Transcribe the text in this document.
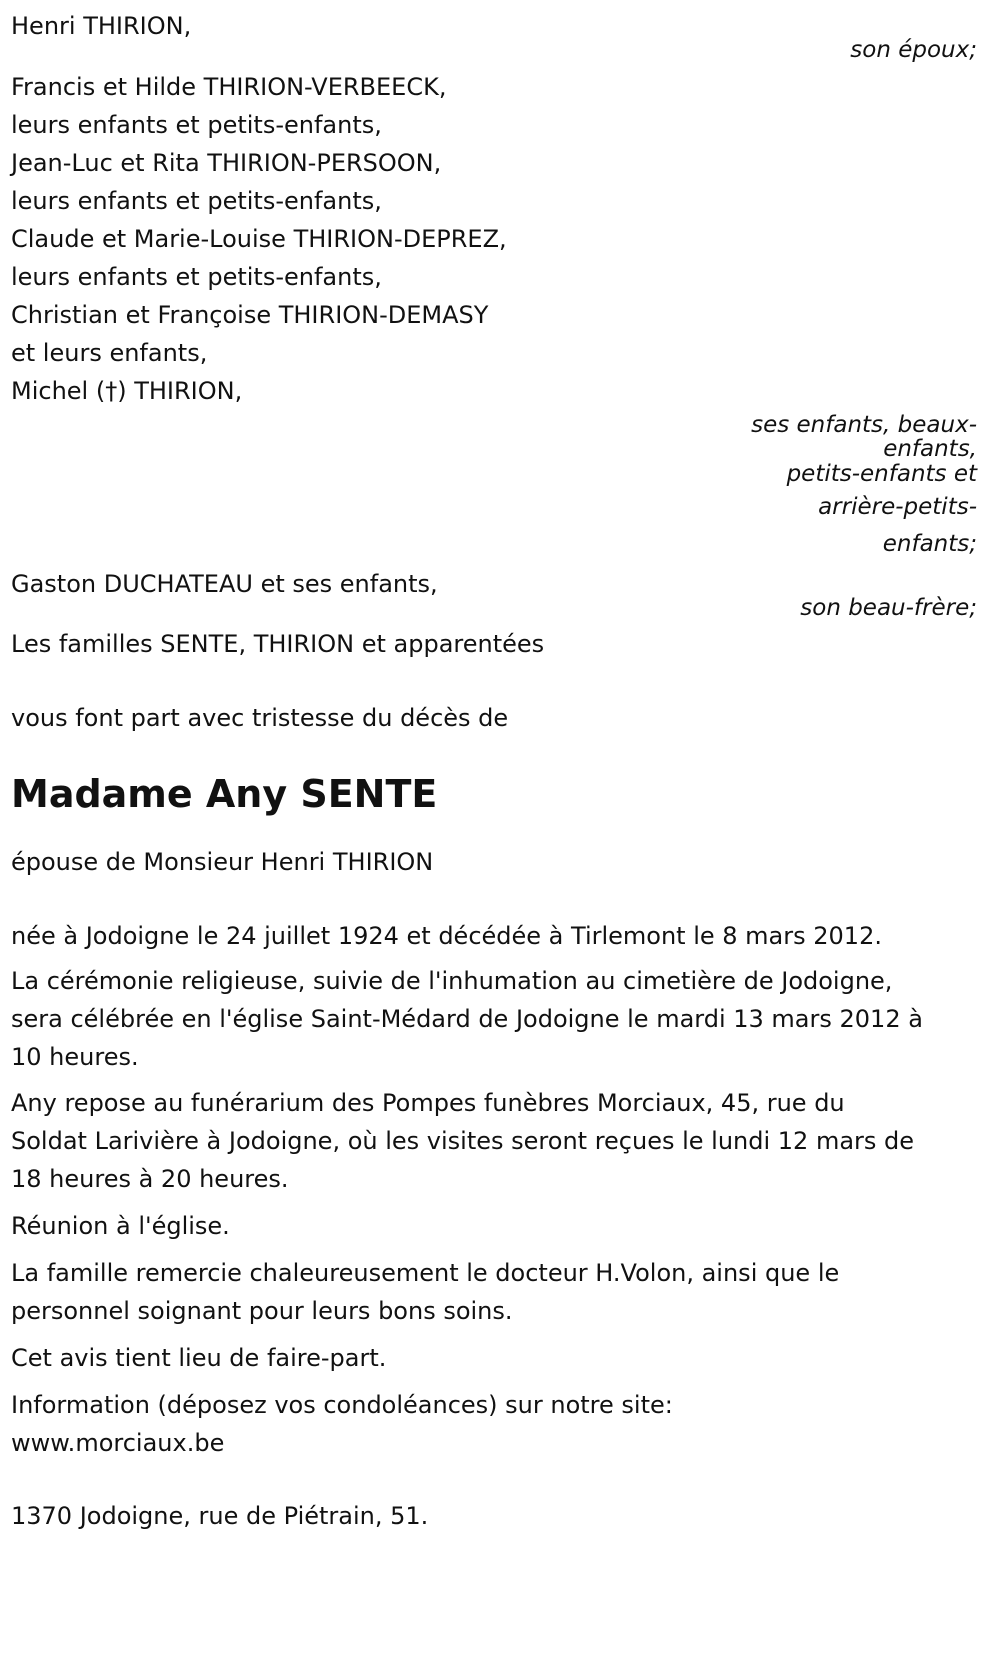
Henri THIRION,

son époux;

Francis et Hilde THIRION-VERBEECK,

leurs enfants et petits-enfants,

Jean-Luc et Rita THIRION-PERSOON,

leurs enfants et petits-enfants,

Claude et Marie-Louise THIRION-DEPREZ,

leurs enfants et petits-enfants,

Christian et Françoise THIRION-DEMASY

et leurs enfants,

Michel (†) THIRION,

ses enfants, beaux-

enfants,

petits-enfants et

arrière-petits-

enfants;

Gaston DUCHATEAU et ses enfants,

son beau-frère;

Les familles SENTE, THIRION et apparentées

vous font part avec tristesse du décès de

Madame Any SENTE

épouse de Monsieur Henri THIRION

née à Jodoigne le 24 juillet 1924 et décédée à Tirlemont le 8 mars 2012.

La cérémonie religieuse, suivie de l'inhumation au cimetière de Jodoigne, sera célébrée en l'église Saint-Médard de Jodoigne le mardi 13 mars 2012 à 10 heures.

Any repose au funérarium des Pompes funèbres Morciaux, 45, rue du Soldat Larivière à Jodoigne, où les visites seront reçues le lundi 12 mars de 18 heures à 20 heures.

Réunion à l'église.

La famille remercie chaleureusement le docteur H.Volon, ainsi que le personnel soignant pour leurs bons soins.

Cet avis tient lieu de faire-part.

Information (déposez vos condoléances) sur notre site: www.morciaux.be

1370 Jodoigne, rue de Piétrain, 51.
